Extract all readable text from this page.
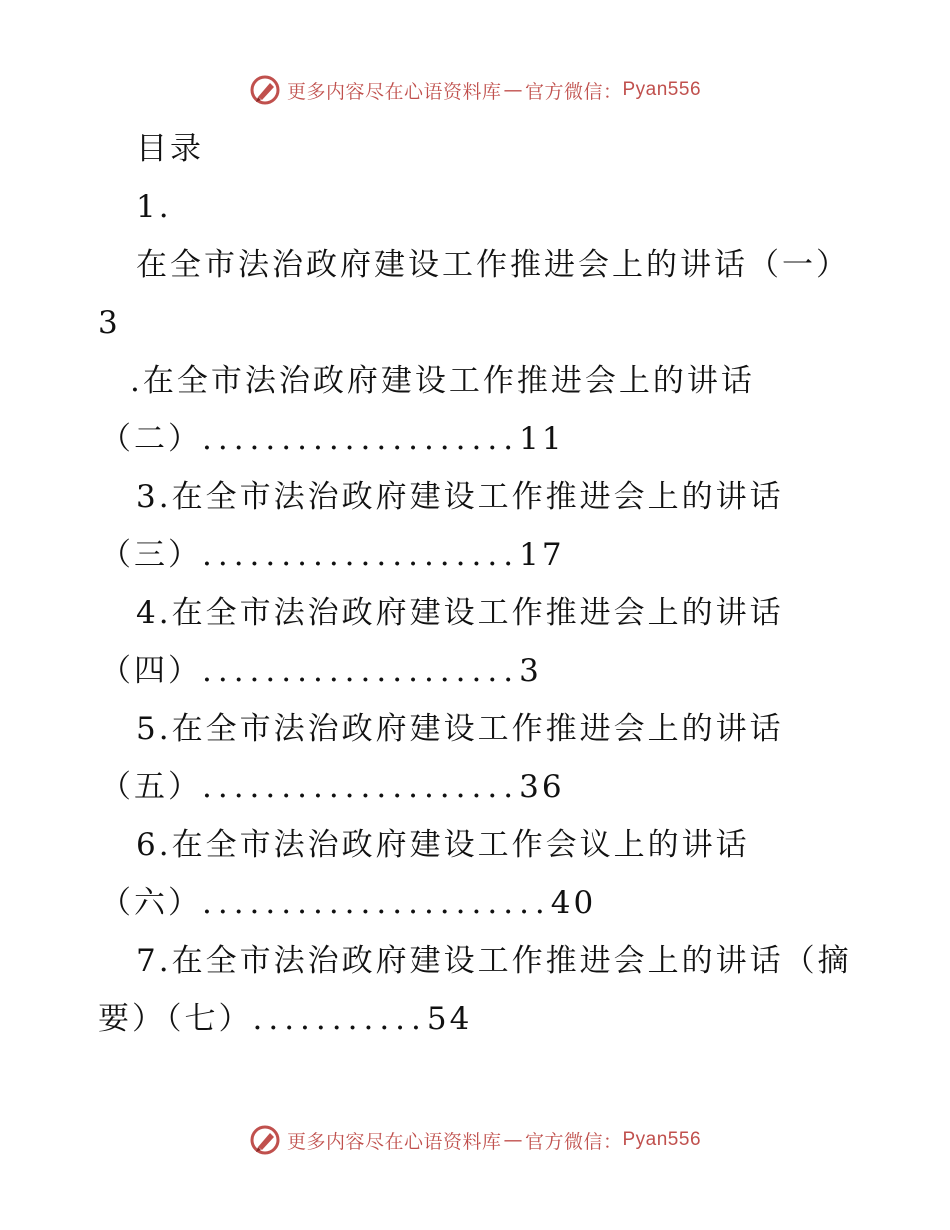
更多内容尽在心语资料库 — 官方微信： Pyan556
目录
1.
在全市法治政府建设工作推进会上的讲话（一）
3
.在全市法治政府建设工作推进会上的讲话
（二）....................11
3.在全市法治政府建设工作推进会上的讲话
（三）....................17
4.在全市法治政府建设工作推进会上的讲话
（四）....................3
5.在全市法治政府建设工作推进会上的讲话
（五）....................36
6.在全市法治政府建设工作会议上的讲话
（六）......................40
7.在全市法治政府建设工作推进会上的讲话（摘
要）（七）...........54
更多内容尽在心语资料库 — 官方微信： Pyan556
